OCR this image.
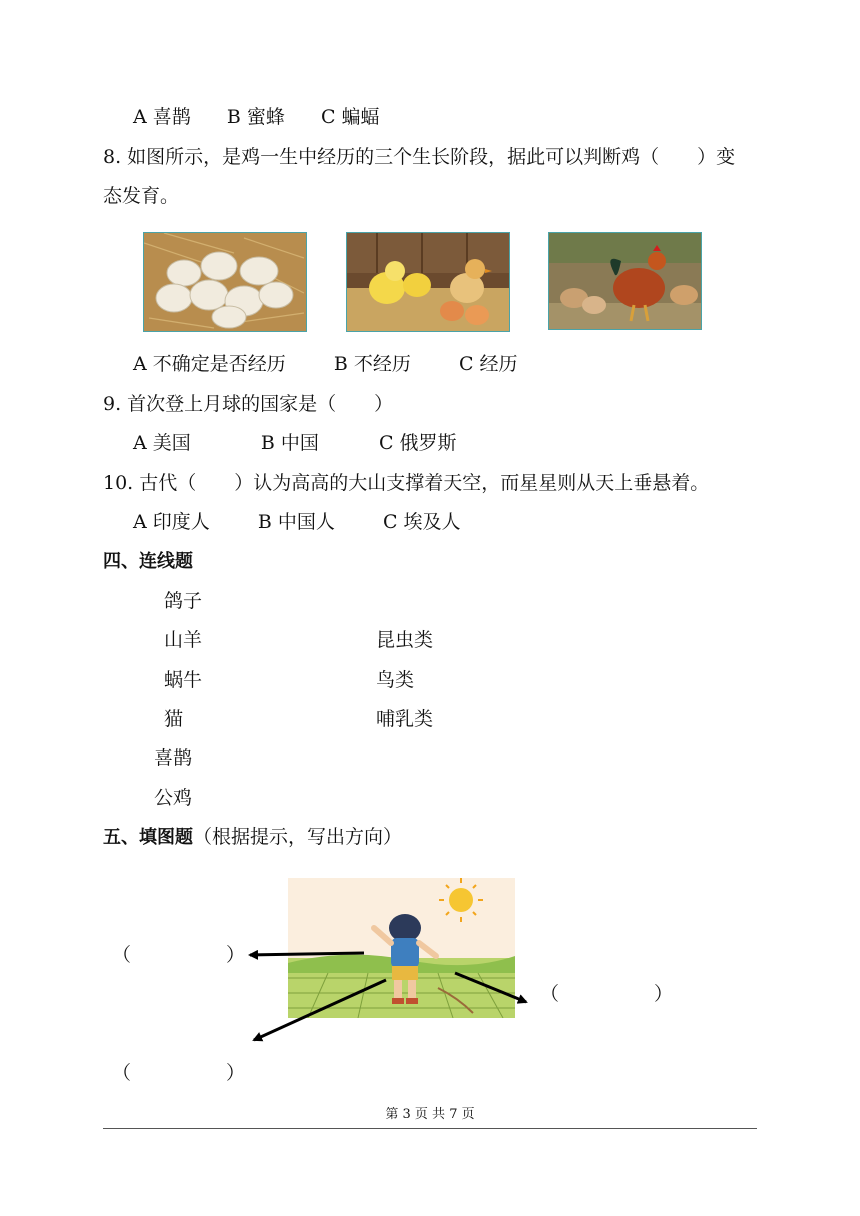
A 喜鹊 B 蜜蜂 C 蝙蝠
8. 如图所示，是鸡一生中经历的三个生长阶段，据此可以判断鸡（　　）变
态发育。
A 不确定是否经历	B 不经历	C 经历
9. 首次登上月球的国家是（　　）
A 美国	B 中国	C 俄罗斯
10. 古代（　　）认为高高的大山支撑着天空，而星星则从天上垂悬着。
A 印度人	B 中国人	C 埃及人
四、连线题
鸽子
山羊
蜗牛
猫
喜鹊
公鸡
昆虫类
鸟类
哺乳类
五、填图题（根据提示，写出方向）
（　　　　　）
（　　　　　）
（　　　　　）
第 3 页 共 7 页
